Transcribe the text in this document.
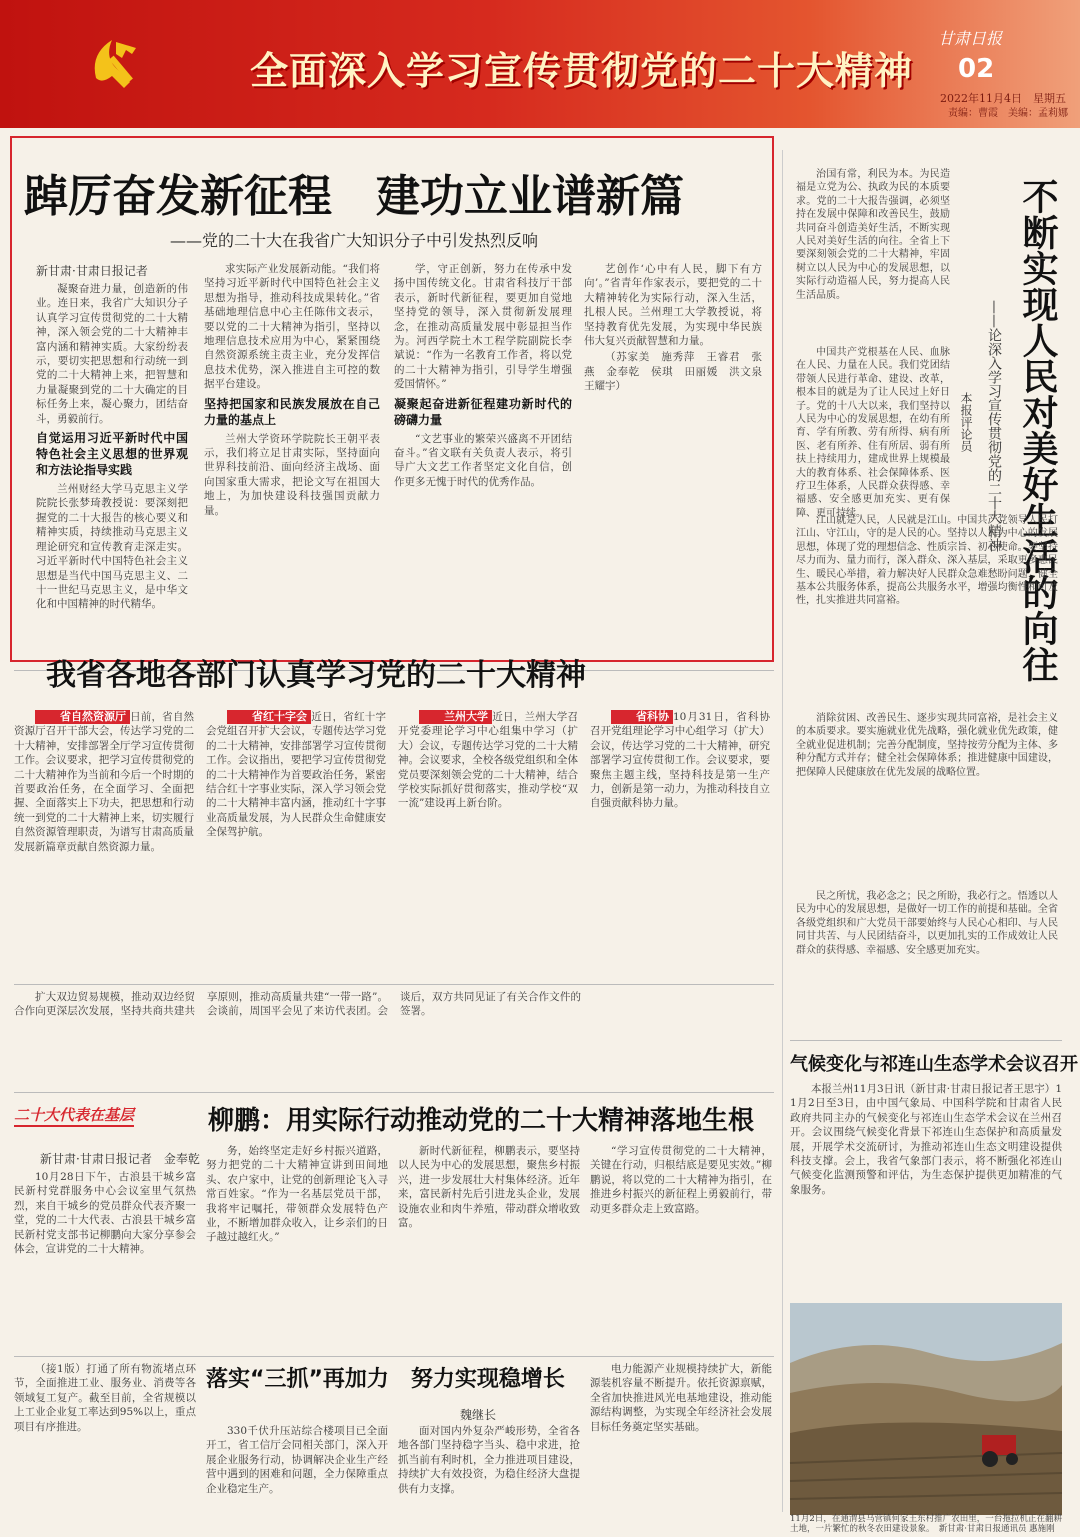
全面深入学习宣传贯彻党的二十大精神
甘肃日报
02
2022年11月4日　星期五
责编：曹霞　美编：孟莉娜
踔厉奋发新征程　建功立业谱新篇
——党的二十大在我省广大知识分子中引发热烈反响
新甘肃·甘肃日报记者

凝聚奋进力量，创造新的伟业。连日来，我省广大知识分子认真学习宣传贯彻党的二十大精神，深入领会党的二十大精神丰富内涵和精神实质。大家纷纷表示，要切实把思想和行动统一到党的二十大精神上来，把智慧和力量凝聚到党的二十大确定的目标任务上来，凝心聚力，团结奋斗，勇毅前行。

自觉运用习近平新时代中国特色社会主义思想的世界观和方法论指导实践

兰州财经大学马克思主义学院院长张梦琦教授说：要深刻把握党的二十大报告的核心要义和精神实质，持续推动马克思主义理论研究和宣传教育走深走实。习近平新时代中国特色社会主义思想是当代中国马克思主义、二十一世纪马克思主义，是中华文化和中国精神的时代精华。

求实际产业发展新动能。“我们将坚持习近平新时代中国特色社会主义思想为指导，推动科技成果转化。”省基础地理信息中心主任陈伟文表示，要以党的二十大精神为指引，坚持以地理信息技术应用为中心，紧紧围绕自然资源系统主责主业，充分发挥信息技术优势，深入推进自主可控的数据平台建设。

坚持把国家和民族发展放在自己力量的基点上

兰州大学资环学院院长王朝平表示，我们将立足甘肃实际，坚持面向世界科技前沿、面向经济主战场、面向国家重大需求，把论文写在祖国大地上，为加快建设科技强国贡献力量。

学，守正创新，努力在传承中发扬中国传统文化。甘肃省科技厅干部表示，新时代新征程，要更加自觉地坚持党的领导，深入贯彻新发展理念，在推动高质量发展中彰显担当作为。河西学院土木工程学院副院长李斌说：“作为一名教育工作者，将以党的二十大精神为指引，引导学生增强爱国情怀。”

凝聚起奋进新征程建功新时代的磅礴力量

“文艺事业的繁荣兴盛离不开团结奋斗。”省文联有关负责人表示，将引导广大文艺工作者坚定文化自信，创作更多无愧于时代的优秀作品。

艺创作‘心中有人民，脚下有方向’。”省青年作家表示，要把党的二十大精神转化为实际行动，深入生活，扎根人民。兰州理工大学教授说，将坚持教育优先发展，为实现中华民族伟大复兴贡献智慧和力量。

（苏家美　施秀萍　王睿君　张燕　金奉乾　侯琪　田丽媛　洪文泉　王耀宇）	不断实现人民对美好生活的向往
——论深入学习宣传贯彻党的二十大精神
本报评论员

治国有常，利民为本。为民造福是立党为公、执政为民的本质要求。党的二十大报告强调，必须坚持在发展中保障和改善民生，鼓励共同奋斗创造美好生活，不断实现人民对美好生活的向往。全省上下要深刻领会党的二十大精神，牢固树立以人民为中心的发展思想，以实际行动造福人民，努力提高人民生活品质。

中国共产党根基在人民、血脉在人民、力量在人民。我们党团结带领人民进行革命、建设、改革，根本目的就是为了让人民过上好日子。党的十八大以来，我们坚持以人民为中心的发展思想，在幼有所育、学有所教、劳有所得、病有所医、老有所养、住有所居、弱有所扶上持续用力，建成世界上规模最大的教育体系、社会保障体系、医疗卫生体系，人民群众获得感、幸福感、安全感更加充实、更有保障、更可持续。

江山就是人民，人民就是江山。中国共产党领导人民打江山、守江山，守的是人民的心。坚持以人民为中心的发展思想，体现了党的理想信念、性质宗旨、初心使命。要坚持尽力而为、量力而行，深入群众、深入基层，采取更多惠民生、暖民心举措，着力解决好人民群众急难愁盼问题，健全基本公共服务体系，提高公共服务水平，增强均衡性和可及性，扎实推进共同富裕。

消除贫困、改善民生、逐步实现共同富裕，是社会主义的本质要求。要实施就业优先战略，强化就业优先政策，健全就业促进机制；完善分配制度，坚持按劳分配为主体、多种分配方式并存；健全社会保障体系；推进健康中国建设，把保障人民健康放在优先发展的战略位置。

民之所忧，我必念之；民之所盼，我必行之。悟透以人民为中心的发展思想，是做好一切工作的前提和基础。全省各级党组织和广大党员干部要始终与人民心心相印、与人民同甘共苦、与人民团结奋斗，以更加扎实的工作成效让人民群众的获得感、幸福感、安全感更加充实。

气候变化与祁连山生态学术会议召开

本报兰州11月3日讯（新甘肃·甘肃日报记者王思宇）11月2日至3日，由中国气象局、中国科学院和甘肃省人民政府共同主办的气候变化与祁连山生态学术会议在兰州召开。会议围绕气候变化背景下祁连山生态保护和高质量发展，开展学术交流研讨，为推动祁连山生态文明建设提供科技支撑。会上，我省气象部门表示，将不断强化祁连山气候变化监测预警和评估，为生态保护提供更加精准的气象服务。

11月2日，在通渭县马营镇何家王东村推广农田里，一台拖拉机正在翻耕土地，一片繁忙的秋冬农田建设景象。　新甘肃·甘肃日报通讯员 惠施刚
我省各地各部门认真学习党的二十大精神

省自然资源厅 日前，省自然资源厅召开干部大会，传达学习党的二十大精神，安排部署全厅学习宣传贯彻工作。会议要求，把学习宣传贯彻党的二十大精神作为当前和今后一个时期的首要政治任务，在全面学习、全面把握、全面落实上下功夫，把思想和行动统一到党的二十大精神上来，切实履行自然资源管理职责，为谱写甘肃高质量发展新篇章贡献自然资源力量。

省红十字会 近日，省红十字会党组召开扩大会议，专题传达学习党的二十大精神，安排部署学习宣传贯彻工作。会议指出，要把学习宣传贯彻党的二十大精神作为首要政治任务，紧密结合红十字事业实际，深入学习领会党的二十大精神丰富内涵，推动红十字事业高质量发展，为人民群众生命健康安全保驾护航。

兰州大学 近日，兰州大学召开党委理论学习中心组集中学习（扩大）会议，专题传达学习党的二十大精神。会议要求，全校各级党组织和全体党员要深刻领会党的二十大精神，结合学校实际抓好贯彻落实，推动学校“双一流”建设再上新台阶。

省科协 10月31日，省科协召开党组理论学习中心组学习（扩大）会议，传达学习党的二十大精神，研究部署学习宣传贯彻工作。会议要求，要聚焦主题主线，坚持科技是第一生产力，创新是第一动力，为推动科技自立自强贡献科协力量。

扩大双边贸易规模，推动双边经贸合作向更深层次发展，坚持共商共建共享原则，推动高质量共建“一带一路”。会谈前，周国平会见了来访代表团。会谈后，双方共同见证了有关合作文件的签署。

二十大代表在基层	柳鹏：用实际行动推动党的二十大精神落地生根
新甘肃·甘肃日报记者　金奉乾

10月28日下午，古浪县干城乡富民新村党群服务中心会议室里气氛热烈，来自干城乡的党员群众代表齐聚一堂，党的二十大代表、古浪县干城乡富民新村党支部书记柳鹏向大家分享参会体会，宣讲党的二十大精神。

务，始终坚定走好乡村振兴道路，努力把党的二十大精神宣讲到田间地头、农户家中，让党的创新理论飞入寻常百姓家。“作为一名基层党员干部，我将牢记嘱托，带领群众发展特色产业，不断增加群众收入，让乡亲们的日子越过越红火。”

新时代新征程，柳鹏表示，要坚持以人民为中心的发展思想，聚焦乡村振兴，进一步发展壮大村集体经济。近年来，富民新村先后引进龙头企业，发展设施农业和肉牛养殖，带动群众增收致富。

“学习宣传贯彻党的二十大精神，关键在行动，归根结底是要见实效。”柳鹏说，将以党的二十大精神为指引，在推进乡村振兴的新征程上勇毅前行，带动更多群众走上致富路。

（接1版）打通了所有物流堵点环节，全面推进工业、服务业、消费等各领域复工复产。截至目前，全省规模以上工业企业复工率达到95%以上，重点项目有序推进。

落实“三抓”再加力　努力实现稳增长
魏继长

330千伏升压站综合楼项目已全面开工，省工信厅会同相关部门，深入开展企业服务行动，协调解决企业生产经营中遇到的困难和问题，全力保障重点企业稳定生产。

面对国内外复杂严峻形势，全省各地各部门坚持稳字当头、稳中求进，抢抓当前有利时机，全力推进项目建设，持续扩大有效投资，为稳住经济大盘提供有力支撑。

电力能源产业规模持续扩大，新能源装机容量不断提升。依托资源禀赋，全省加快推进风光电基地建设，推动能源结构调整，为实现全年经济社会发展目标任务奠定坚实基础。
